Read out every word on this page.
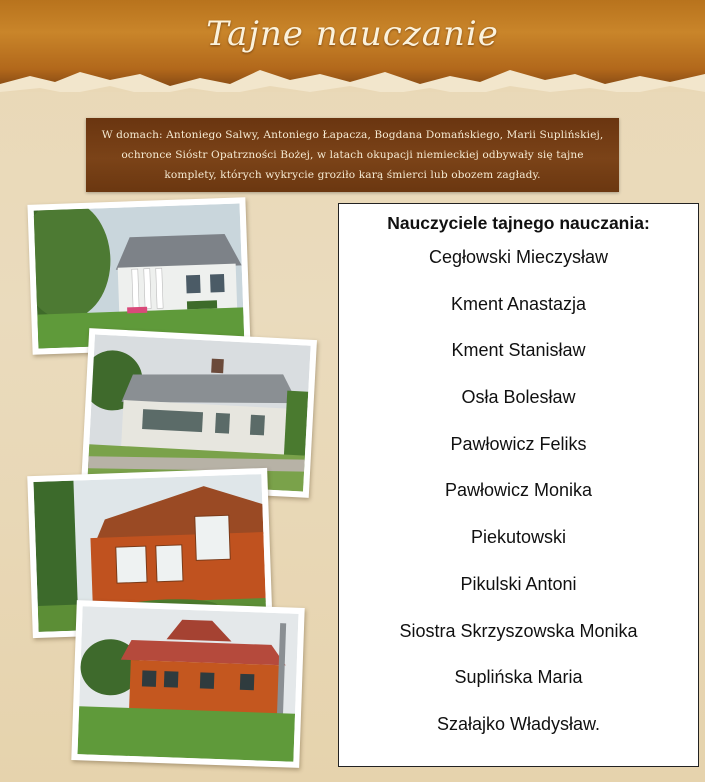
Tajne nauczanie

W domach: Antoniego Salwy, Antoniego Łapacza, Bogdana Domańskiego, Marii Suplińskiej, ochronce Sióstr Opatrzności Bożej, w latach okupacji niemieckiej odbywały się tajne komplety, których wykrycie groziło karą śmierci lub obozem zagłady.

Nauczyciele tajnego nauczania:
Cegłowski Mieczysław
Kment Anastazja
Kment Stanisław
Osła Bolesław
Pawłowicz Feliks
Pawłowicz Monika
Piekutowski
Pikulski Antoni
Siostra Skrzyszowska Monika
Suplińska Maria
Szałajko Władysław.
